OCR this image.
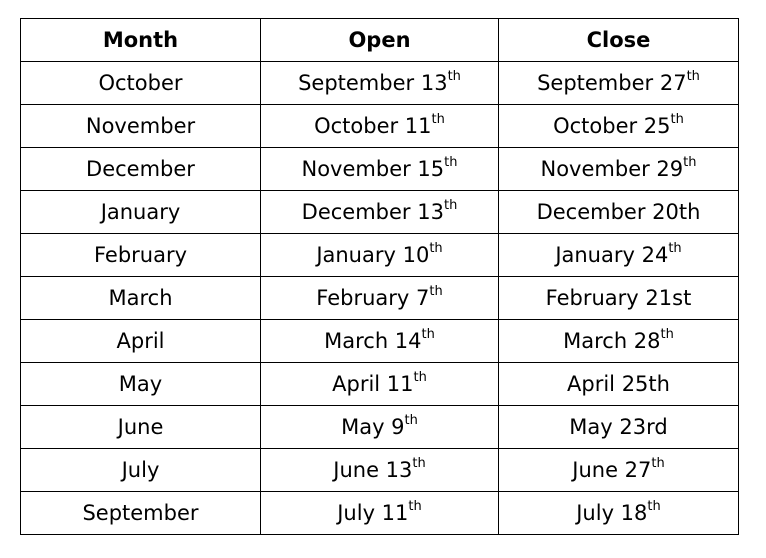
Month	Open	Close
October	September 13th	September 27th
November	October 11th	October 25th
December	November 15th	November 29th
January	December 13th	December 20th
February	January 10th	January 24th
March	February 7th	February 21st
April	March 14th	March 28th
May	April 11th	April 25th
June	May 9th	May 23rd
July	June 13th	June 27th
September	July 11th	July 18th
